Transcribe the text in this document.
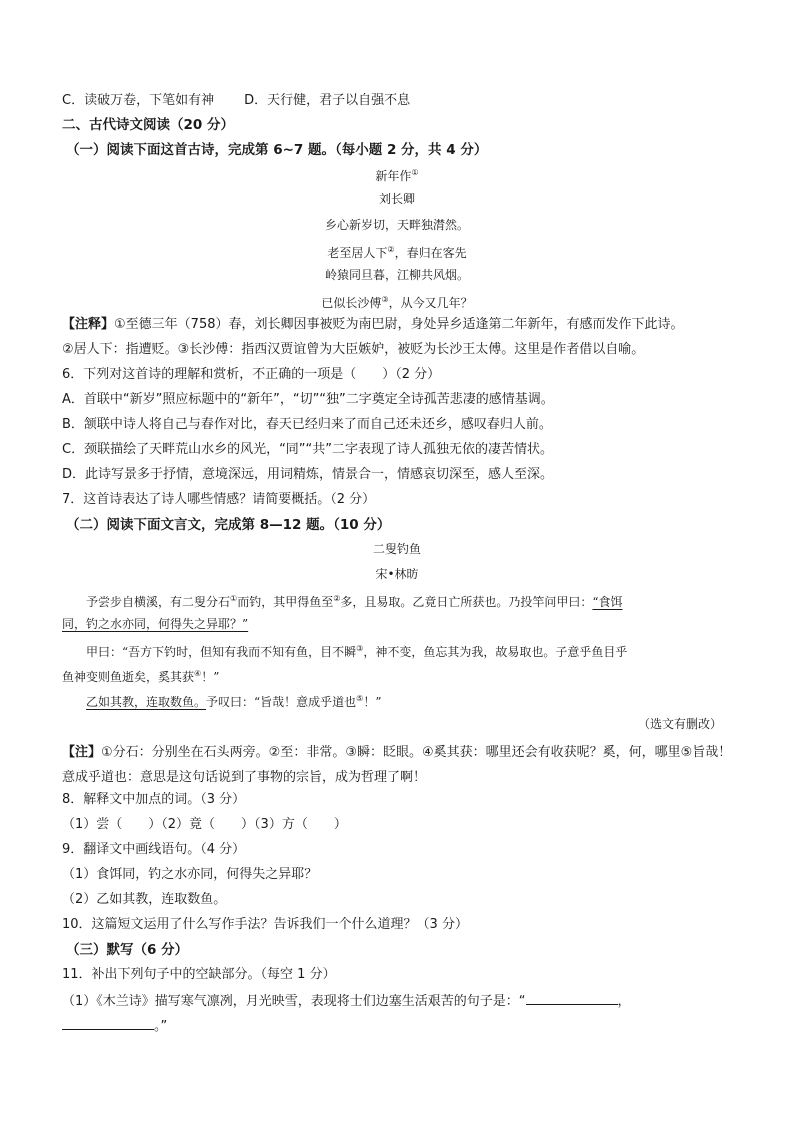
C．读破万卷，下笔如有神 D．天行健，君子以自强不息
二、古代诗文阅读（20 分）
（一）阅读下面这首古诗，完成第 6~7 题。（每小题 2 分，共 4 分）
新年作①
刘长卿
乡心新岁切，天畔独潸然。
老至居人下②，春归在客先
岭猿同旦暮，江柳共风烟。
已似长沙傅③，从今又几年？
【注释】①至德三年（758）春，刘长卿因事被贬为南巴尉，身处异乡适逢第二年新年，有感而发作下此诗。
②居人下：指遭贬。③长沙傅：指西汉贾谊曾为大臣嫉妒，被贬为长沙王太傅。这里是作者借以自喻。
6．下列对这首诗的理解和赏析，不正确的一项是（　　）（2 分）
A．首联中“新岁”照应标题中的“新年”，“切”“独”二字奠定全诗孤苦悲凄的感情基调。
B．颔联中诗人将自己与春作对比，春天已经归来了而自己还未还乡，感叹春归人前。
C．颈联描绘了天畔荒山水乡的风光，“同”“共”二字表现了诗人孤独无依的凄苦情状。
D．此诗写景多于抒情，意境深远，用词精炼，情景合一，情感哀切深至，感人至深。
7．这首诗表达了诗人哪些情感？请简要概括。（2 分）
（二）阅读下面文言文，完成第 8—12 题。（10 分）
二叟钓鱼
宋•林昉
予尝步自横溪，有二叟分石①而钓，其甲得鱼至②多，且易取。乙竟日亡所获也。乃投竿问甲曰：“食饵
同，钓之水亦同，何得失之异耶？”
甲曰：“吾方下钓时，但知有我而不知有鱼，目不瞬③，神不变，鱼忘其为我，故易取也。子意乎鱼目乎
鱼神变则鱼逝矣，奚其获④！”
乙如其教，连取数鱼。予叹曰：“旨哉！意成乎道也⑤！”
（选文有删改）
【注】①分石：分别坐在石头两旁。②至：非常。③瞬：眨眼。④奚其获：哪里还会有收获呢？奚，何，哪里⑤旨哉！意成乎道也：意思是这句话说到了事物的宗旨，成为哲理了啊！
8．解释文中加点的词。（3 分）
（1）尝（　　）（2）竟（　　）（3）方（　　）
9．翻译文中画线语句。（4 分）
（1）食饵同，钓之水亦同，何得失之异耶？
（2）乙如其教，连取数鱼。
10．这篇短文运用了什么写作手法？告诉我们一个什么道理？（3 分）
（三）默写（6 分）
11．补出下列句子中的空缺部分。（每空 1 分）
（1）《木兰诗》描写寒气凛冽，月光映雪，表现将士们边塞生活艰苦的句子是：“	，
。”
